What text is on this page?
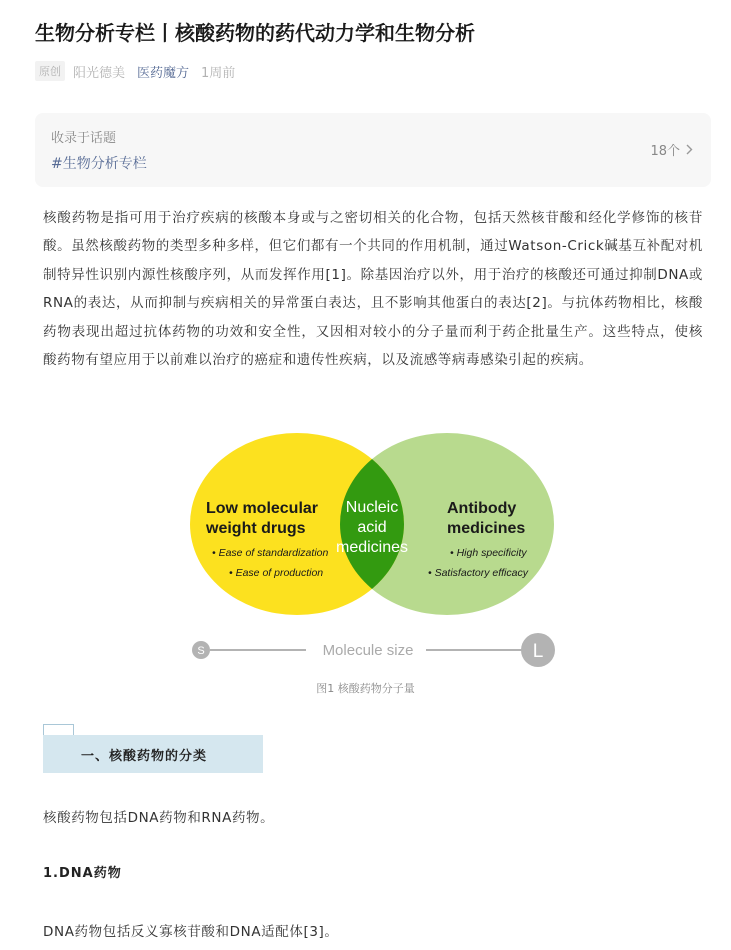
生物分析专栏丨核酸药物的药代动力学和生物分析
原创 阳光德美 医药魔方 1周前
收录于话题
#生物分析专栏
18个

核酸药物是指可用于治疗疾病的核酸本身或与之密切相关的化合物，包括天然核苷酸和经化学修饰的核苷酸。虽然核酸药物的类型多种多样，但它们都有一个共同的作用机制，通过Watson-Crick碱基互补配对机制特异性识别内源性核酸序列，从而发挥作用[1]。除基因治疗以外，用于治疗的核酸还可通过抑制DNA或RNA的表达，从而抑制与疾病相关的异常蛋白表达，且不影响其他蛋白的表达[2]。与抗体药物相比，核酸药物表现出超过抗体药物的功效和安全性，又因相对较小的分子量而利于药企批量生产。这些特点，使核酸药物有望应用于以前难以治疗的癌症和遗传性疾病，以及流感等病毒感染引起的疾病。

Low molecular
weight drugs
• Ease of standardization
• Ease of production
Antibody
medicines
• High specificity
• Satisfactory efficacy
Nucleic
acid
medicines
S	Molecule size	L
图1 核酸药物分子量
一、核酸药物的分类

核酸药物包括DNA药物和RNA药物。

1.DNA药物

DNA药物包括反义寡核苷酸和DNA适配体[3]。
